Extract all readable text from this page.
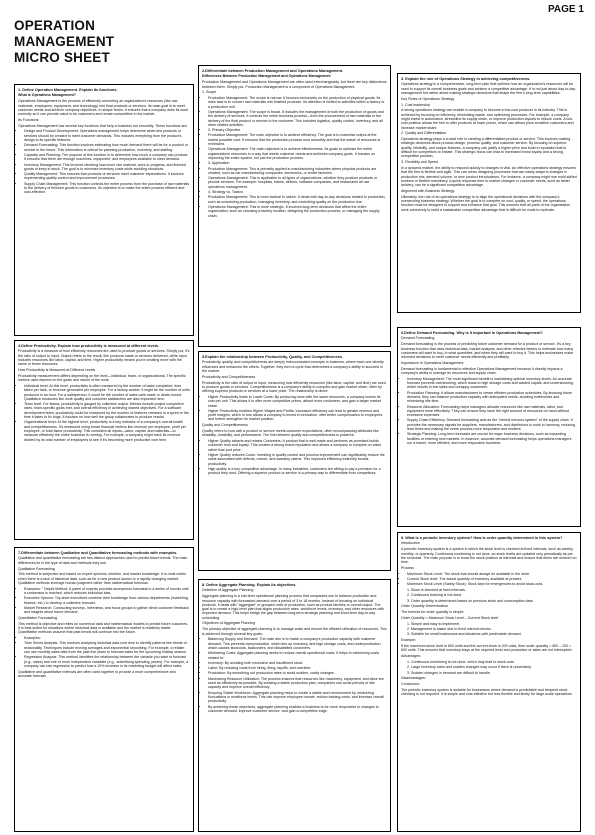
PAGE 1
OPERATION
MANAGEMENT
MICRO SHEET
1. Define Operation Management. Explain its functions.

What is Operations Management?

Operations Management is the process of efficiently converting an organization's resources (like raw materials, employees, equipment, and technology) into final products or services. Its main goal is to meet customer needs and achieve company objectives. In simple terms, it ensures that a company does its work correctly so it can provide value to its customers and remain competitive in the market.

Its Functions:

Operations Management has several key functions that help a business run smoothly. These functions are:

• Design and Product Development: Operations management helps determine what new products or services should be created to meet customer demands. This includes everything from the product's design to its specific features.
• Demand Forecasting: This function involves estimating how much demand there will be for a product or service in the future. This information is critical for planning production, inventory, and staffing.
• Capacity and Planning: The purpose of this function is to determine how much a company can produce. It ensures that there are enough machines, equipment, and employees available to meet demand.
• Inventory Management: This involves deciding how much raw material, work-in-progress, and finished goods to keep in stock. The goal is to minimize inventory costs while avoiding stockouts.
• Quality Management: This ensures that products or services meet customer expectations. It involves implementing quality control and improvement processes.
• Supply Chain Management: This function controls the entire process from the purchase of raw materials to the delivery of finished goods to customers. Its objective is to make the entire process efficient and cost-effective.
2.Differentiate between Production Management and Operations Management.

Differences Between Production Management and Operations Management

Production Management and Operations Management are often used interchangeably, but there are key distinctions between them. Simply put, Production Management is a component of Operations Management.

1. Scope

• Production Management: The scope is narrow. It focuses exclusively on the production of physical goods. Its main task is to convert raw materials into finished products. Its attention is limited to activities within a factory or a production unit.
• Operations Management: The scope is broad. It includes the management of both the production of goods and the delivery of services. It controls the entire business process—from the procurement of raw materials to the delivery of the final product or service to the customer. This includes logistics, quality control, inventory, and all other related activities.
• 2. Primary Objective
• Production Management: The main objective is to achieve efficiency. The goal is to maximize output at the lowest possible cost. It ensures that the production process runs smoothly and that the waste of resources is minimized.
• Operations Management: The main objective is to achieve effectiveness. Its goals to optimize the entire organization's resources in a way that meets customer needs and achieves company goals. It focuses on improving the entire system, not just the production process.
• 3. Application
• Production Management: This is primarily applied in manufacturing industries where physical products are created, such as car manufacturing companies, electronics, or textile factories.
• Operations Management: This is applicable to all types of organizations, whether they produce products or provide services. For example: hospitals, banks, airlines, software companies, and restaurants all use operations management.
• 4. Strategy vs. Tactics
• Production Management: This is more tactical in nature. It deals with day-to-day decisions related to production, such as scheduling production, managing inventory, and controlling quality on the production line.
• Operations Management: This is more strategic. It involves long-term decisions that affect the entire organization, such as choosing a factory location, designing the production process, or managing the supply chain.
3. Explain the role of Operations Strategy in achieving competitiveness.

Operations strategy is a comprehensive, long-term plan that outlines how an organization's resources will be used to support its overall business goals and achieve a competitive advantage. It is not just about day-to-day management but rather about making strategic decisions that shape the firm's long-term capabilities.

Key Roles of Operations Strategy

1. Cost leadership

A strong operations strategy can enable a company to become a low-cost producer in its industry. This is achieved by focusing on efficiency, eliminating waste, and optimizing processes. For example, a company might invest in automation, streamline its supply chain, or improve production layouts to reduce costs. A low-cost position allows the firm to offer products at lower prices, which can attract price-sensitive customers and increase market share.

2. Quality and Differentiation

Operations strategy plays a crucial role in creating a differentiated product or service. This involves making strategic decisions about product design, process quality, and customer service. By focusing on superior quality, reliability, and unique features, a company can justify a higher price and build a reputation that is difficult for competitors to imitate. This strategic focus can lead to increased brand loyalty and a strong competitive position.

3. Flexibility and Speed

In a dynamic market, the ability to respond quickly to changes is vital. An effective operations strategy ensures that the firm is flexible and agile. This can mean designing processes that can easily adapt to changes in production mix, demand volume, or new product introductions. For instance, a company might use multi-skilled workers or flexible machinery. A quick response time to market changes or customer needs, such as faster delivery, can be a significant competitive advantage.

Alignment with Business Strategy

Ultimately, the role of an operations strategy is to align the operational decisions with the company's overarching business strategy. Whether the goal is to compete on cost, quality, or speed, the operations function must be designed to support and enhance that goal. This ensures that all parts of the organization work cohesively to build a sustainable competitive advantage that is difficult for rivals to replicate.

4.Define Productivity. Explain how productivity is measured at different levels.

Productivity is a measure of how efficiently resources are used to produce goods or services. Simply put, it's the ratio of output to input. Output refers to the result, like products made or services delivered, while input includes resources like labor, capital, and time. Higher productivity means you're creating more with the same or fewer resources.

How Productivity is Measured at Different Levels

Productivity measurement differs depending on the level—individual, team, or organizational. The specific metrics used depend on the goals and nature of the work.

• Individual level: At this level, productivity is often measured by the number of tasks completed, time taken per task, or revenue generated per employee. For a factory worker, it might be the number of units produced in an hour. For a salesperson, it could be the number of sales calls made or deals closed. Qualitative measures like work quality and customer satisfaction are also important here.
• Team level: For teams, productivity is gauged by collective output. Metrics include project completion rates, team-specific goals met, and overall efficiency in achieving shared objectives. For a software development team, productivity could be measured by the number of features released in a sprint or the time it takes to fix bugs. It focuses on how well the group collaborates to produce results.
• Organizational level: At the highest level, productivity is a key indicator of a company's overall health and competitiveness. It's measured using broad financial metrics like revenue per employee, profit per employee, or total factor productivity. This considers all inputs—labor, capital, and materials—to measure efficiently the entire business is running. For example, a company might track its revenue divided by its total number of employees to see if it's becoming more productive over time.
5.Explain the relationship between Productivity, Quality, and Competitiveness.

Productivity, quality, and competitiveness are deeply interconnected concepts in business, where each one directly influences and enhances the others. Together, they form a cycle that determines a company's ability to succeed in the market.

Productivity and Competitiveness

Productivity is the ratio of output to input, measuring how efficiently resources (like labor, capital, and time) are used to produce goods or services. Competitiveness is a company's ability to compete and gain market share, often by offering superior products or services at a lower price. The relationship is direct:

• Higher Productivity leads to Lower Costs: By producing more with the same resources, a company lowers its cost per unit. This allows it to offer more competitive prices, attract more customers, and gain a larger market share.
• Higher Productivity enables Higher Wages and Profits: Increased efficiency can lead to greater revenue and profit margins, which in turn allows a company to invest in innovation, offer better compensation to employees, and further strengthen its market position.

Quality and Competitiveness

Quality refers to how well a product or service meets customer expectations, often encompassing attributes like reliability, durability, and performance. The link between quality and competitiveness is powerful:

• Higher Quality attracts and retains Customers: A product that is well-made and performs as promised builds customer trust and loyalty. This creates a strong brand reputation and allows a company to compete on value rather than just price.
• Higher Quality reduces Costs: Investing in quality control and process improvement can significantly reduce the costs associated with defects, rework, and warranty claims. This improved efficiency indirectly boosts productivity.
• High quality is a key competitive advantage: In many industries, customers are willing to pay a premium for a product they trust. Offering a superior product or service is a primary way to differentiate from competitors.
6.Define Demand Forecasting. Why is it important in Operations Management?

Demand Forecasting

Demand forecasting is the process of predicting future customer demand for a product or service. It's a key business function that uses historical data, market analysis, and other relevant factors to estimate how many customers will want to buy, in what quantities, and when they will want to buy it. This helps businesses make informed decisions to meet customer needs efficiently and profitably.

Importance in Operations Management

Demand forecasting is fundamental to effective Operations Management because it directly impacts a company's ability to manage its resources and supply chain.

• Inventory Management: The most significant benefit is maintaining optimal inventory levels. An accurate forecast prevents overstocking, which leads to high storage costs and wasted capital, and understocking, which results in lost sales and unhappy customers.
• Production Planning: It allows manufacturers to create efficient production schedules. By knowing future demand, they can balance production capacity with anticipated needs, avoiding bottlenecks and minimizing idle time.
• Resource Allocation: Forecasting helps managers allocate resources like raw materials, labor, and equipment more effectively. They can ensure they have the right amount of resources on hand without excessive expenses.
• Supply Chain Efficiency: Demand forecasting acts as the "central nervous system" of the supply chain. It provides the necessary signals for suppliers, manufacturers, and distributors to work in harmony, reducing lead times and making the entire process more responsive and resilient.
• Strategic Planning: Long-term forecasts are crucial for major business decisions, such as expanding facilities or entering new markets. In essence, accurate demand forecasting helps operations managers run a leaner, more efficient, and more responsive business.
7.Differentiate between Qualitative and Quantitative forecasting methods with examples.

Qualitative and quantitative forecasting are two distinct approaches used to predict future trends. The main differences lie in the type of data and methods they use.

Qualitative Forecasting

This method is subjective and based on expert opinions, intuition, and market knowledge. It is most useful when there is a lack of historical data, such as for a new product launch or a rapidly changing market. Qualitative methods leverage human judgment rather than mathematical formulas.

• Examples: " Delphi Method: A panel of experts provides anonymous forecasts in a series of rounds until a consensus is reached, which reduces individual bias.
• Executive Opinion: Top-level executives combine their knowledge from various departments (marketing, finance, etc.) to develop a collective forecast.
• Market Research: Conducting surveys, interviews, and focus groups to gather direct customer feedback and insights about future demand.

Quantitative Forecasting

This method is objective and relies on numerical data and mathematical models to predict future outcomes. It is best suited for situations where historical data is available and the market is relatively stable. Quantitative methods assume that past trends will continue into the future.

• Examples:
• Time Series Analysis: This involves analyzing historical data over time to identify patterns like trends or seasonality. Techniques include moving averages and exponential smoothing. For example, a retailer can use monthly sales data from the past five years to forecast sales for the upcoming holiday season.
• Regression Analysis: This method identifies the relationship between the variable you want to forecast (e.g., sales) and one or more independent variables (e.g., advertising spending, prices). For example, a company can use regression to predict how a 10% increase in its marketing budget will affect sales.

Qualitative and quantitative methods are often used together to provide a more comprehensive and accurate forecast.

8. Define Aggregate Planning. Explain its objectives.

Definition of Aggregate Planning

Aggregate planning is a mid-term operational planning process that companies use to balance production and resource capacity with forecasted demand over a period of 3 to 18 months. Instead of focusing on individual products, it deals with "aggregate" or grouped units of production, such as product families or overall output. The goal is to create a high-level plan that aligns production rates, workforce levels, inventory, and other resources with expected demand. This helps bridge the gap between long-term strategic planning and short-term day-to-day scheduling.

Objectives of Aggregate Planning

The primary objective of aggregate planning is to manage costs and ensure the efficient utilization of resources. This is achieved through several key goals:

• Balancing Supply and Demand: The main aim is to match a company's production capacity with customer demand. This prevents overproduction, which ties up inventory, and high storage costs, and underproduction, which causes stockouts, backorders, and dissatisfied customers.
• Minimizing Costs: Aggregate planning seeks to reduce overall operational costs. It helps in minimizing costs related to:
• Inventory: By avoiding both excessive and insufficient stock.
• Labor: By reducing costs from hiring, firing, layoffs, and overtime.
• Production: By smoothing out production rates to avoid sudden, costly changes.
• Maximizing Resource Utilization: The process ensures that resources like machinery, equipment, and labor are used as effectively as possible. By creating a stable production plan, companies can avoid periods of idle capacity and improve overall efficiency.
• Ensuring Stable Workforce: Aggregate planning helps to create a stable work environment by minimizing fluctuations in workforce levels. This can improve employee morale, reduce training costs, and increase overall productivity.
• By achieving these objectives, aggregate planning enables a business to be more responsive to changes in customer demand, improve customer service, and gain a competitive edge.
9. What is a periodic inventory system? How is order quantity determined in this system?

Introduction

A periodic inventory system is a system in which the stock level is checked at fixed intervals, such as weekly, monthly, or quarterly. Continuous monitoring is not done, so stock levels are updated only periodically as per the schedule. The main purpose is to know the stock position at intervals and ensure that items are ordered on time.

Process

• Maximum Stock Level: The stock that should always be available in the store.
• Current Stock level: The actual quantity of inventory available at present.
• Maximum Stock Level (Safety Stock): Stock kept for emergencies to avoid stock-outs.
1. Stock is checked at fixed intervals.
2. Continuous tracking is not done.
3. Order quantity is determined based on previous stock and consumption data.

Order Quantity Determination

The formula for order quantity is simple:

Order Quantity = Maximum Stock Level – Current Stock level

1. Simple and easy to implement.
2. Management is easier due to fixed interval checks.
3. Suitable for small businesses and situations with predictable demand.

Example:

If the maximum stock level is 800 units and the current stock is 200 units, then order quantity = 800 – 200 = 600 units. This ensures that inventory stays at the required level and production or sales are not interrupted.

Advantages:

1. Continuous monitoring is not done, which may lead to stock-outs.
2. Large inventory sizes and sudden changes may occur if there is uncertainty.
3. Sudden changes in demand are difficult to handle.

Disadvantages:

Conclusion:

The periodic inventory system is suitable for businesses where demand is predictable and frequent stock checking is not required. It is simple and cost-effective but less flexible and timely for large-scale operations.
